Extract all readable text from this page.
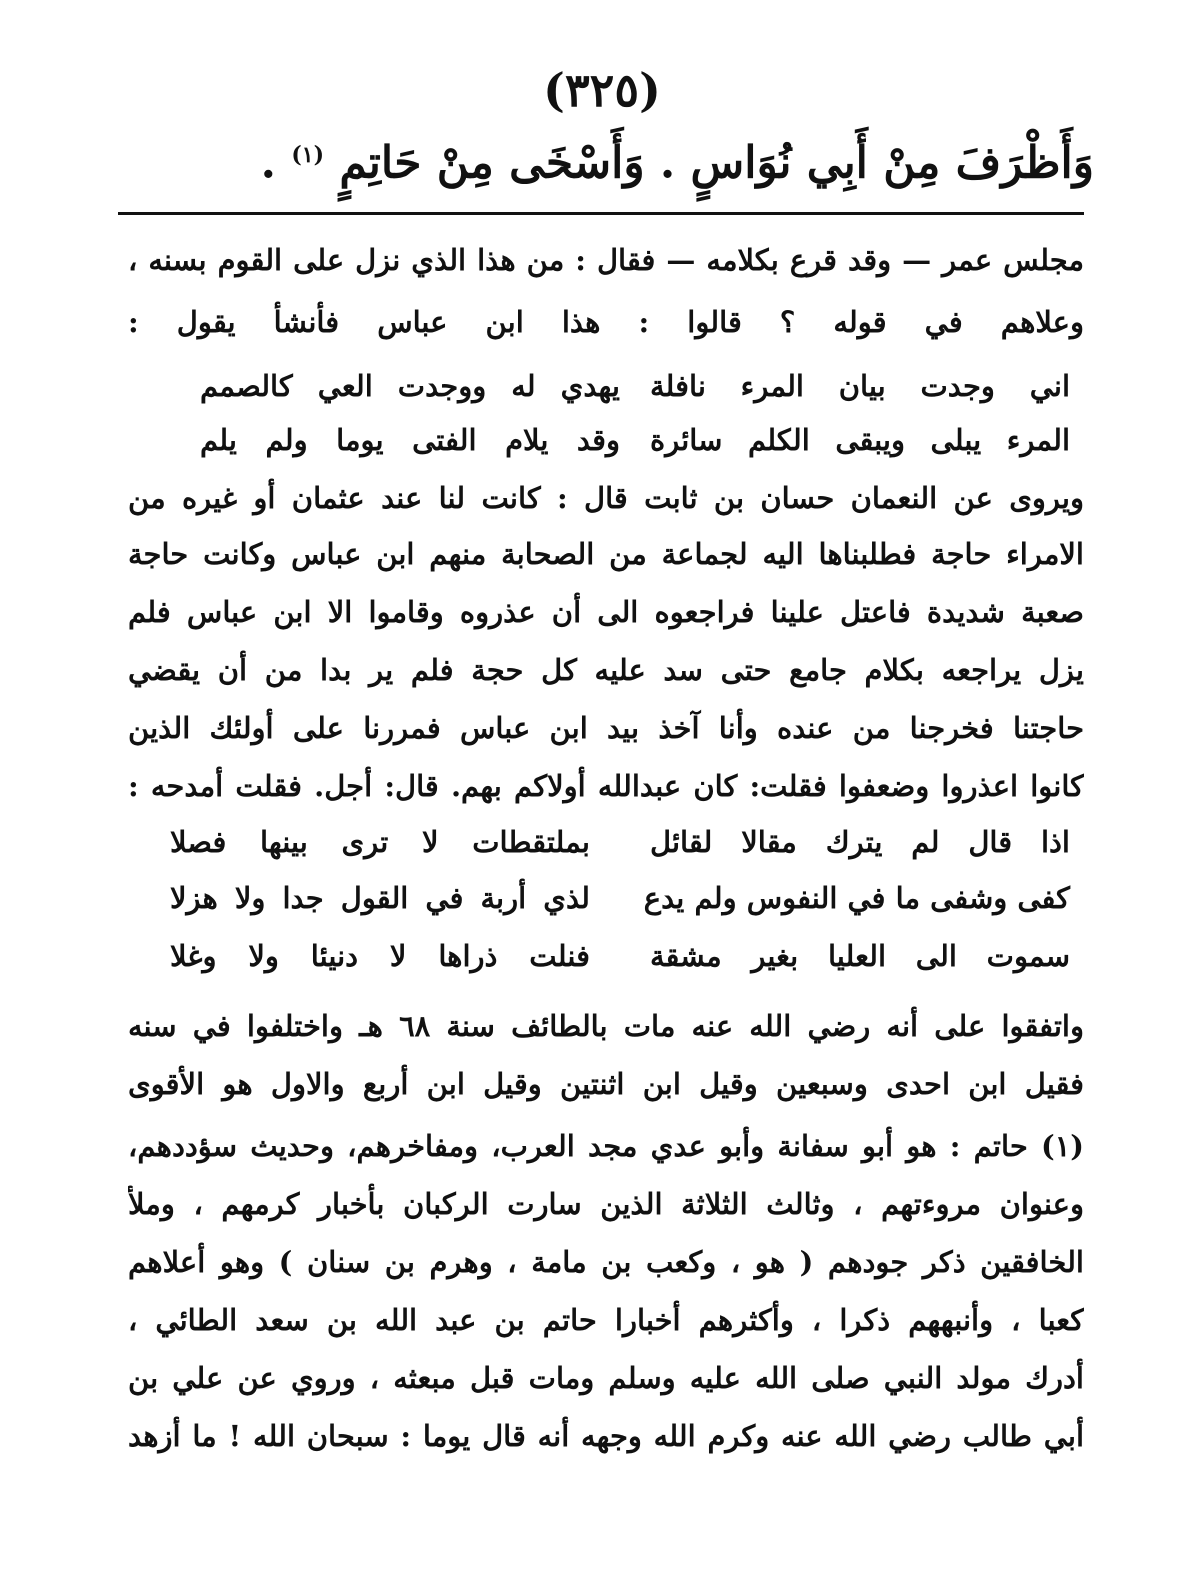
(٣٢٥)
وَأَظْرَفَ مِنْ أَبِي نُوَاسٍ . وَأَسْخَى مِنْ حَاتِمٍ $^{(١)}$ .
مجلس عمر — وقد قرع بكلامه — فقال : من هذا الذي نزل على القوم بسنه ،
وعلاهم في قوله ؟ قالوا : هذا ابن عباس فأنشأ يقول :
اني وجدت بيان المرء نافلة
يهدي له ووجدت العي كالصمم
المرء يبلى ويبقى الكلم سائرة
وقد يلام الفتى يوما ولم يلم
ويروى عن النعمان حسان بن ثابت قال : كانت لنا عند عثمان أو غيره من
الامراء حاجة فطلبناها اليه لجماعة من الصحابة منهم ابن عباس وكانت حاجة
صعبة شديدة فاعتل علينا فراجعوه الى أن عذروه وقاموا الا ابن عباس فلم
يزل يراجعه بكلام جامع حتى سد عليه كل حجة فلم ير بدا من أن يقضي
حاجتنا فخرجنا من عنده وأنا آخذ بيد ابن عباس فمررنا على أولئك الذين
كانوا اعذروا وضعفوا فقلت: كان عبدالله أولاكم بهم. قال: أجل. فقلت أمدحه :
اذا قال لم يترك مقالا لقائل
بملتقطات لا ترى بينها فصلا
كفى وشفى ما في النفوس ولم يدع
لذي أربة في القول جدا ولا هزلا
سموت الى العليا بغير مشقة
فنلت ذراها لا دنيئا ولا وغلا
واتفقوا على أنه رضي الله عنه مات بالطائف سنة ٦٨ هـ واختلفوا في سنه
فقيل ابن احدى وسبعين وقيل ابن اثنتين وقيل ابن أربع والاول هو الأقوى
(١) حاتم : هو أبو سفانة وأبو عدي مجد العرب، ومفاخرهم، وحديث سؤددهم،
وعنوان مروءتهم ، وثالث الثلاثة الذين سارت الركبان بأخبار كرمهم ، وملأ
الخافقين ذكر جودهم ( هو ، وكعب بن مامة ، وهرم بن سنان ) وهو أعلاهم
كعبا ، وأنبههم ذكرا ، وأكثرهم أخبارا حاتم بن عبد الله بن سعد الطائي ،
أدرك مولد النبي صلى الله عليه وسلم ومات قبل مبعثه ، وروي عن علي بن
أبي طالب رضي الله عنه وكرم الله وجهه أنه قال يوما : سبحان الله ! ما أزهد
